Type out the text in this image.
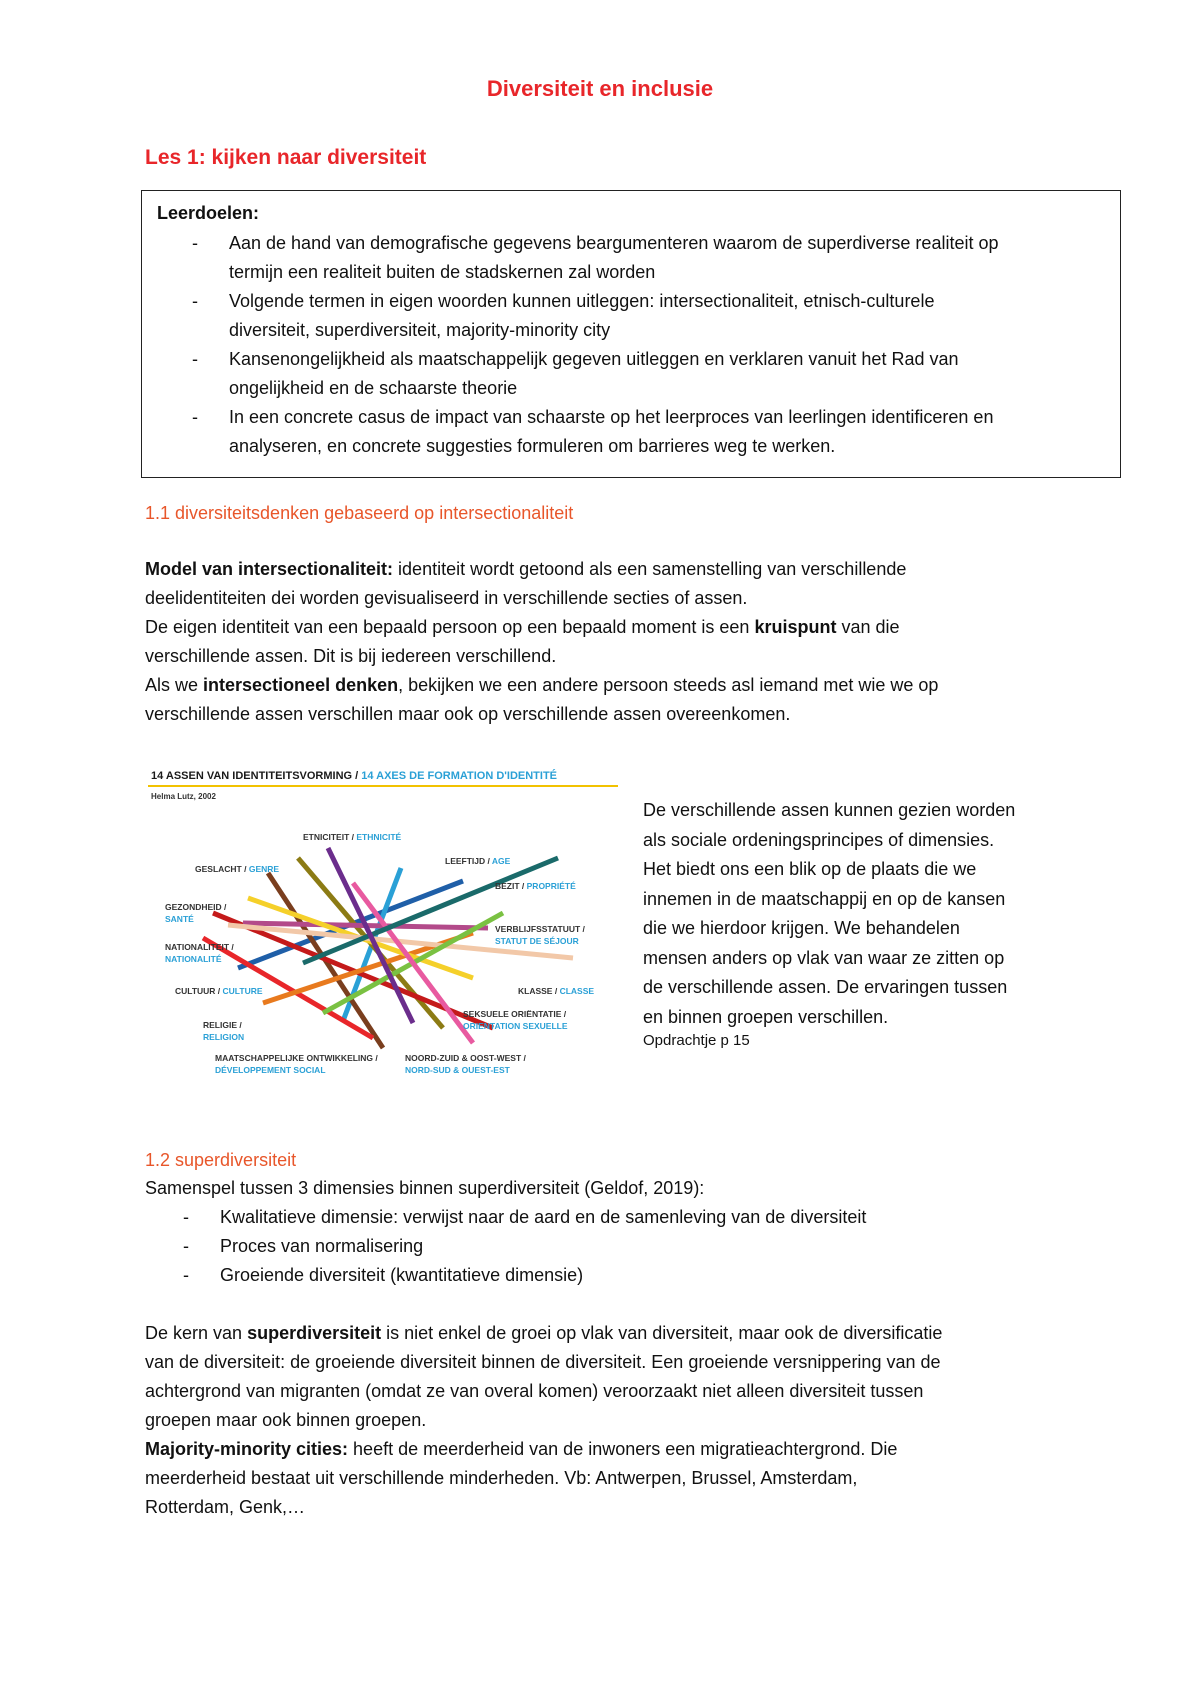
Diversiteit en inclusie
Les 1: kijken naar diversiteit
Leerdoelen:
- Aan de hand van demografische gegevens beargumenteren waarom de superdiverse realiteit op
termijn een realiteit buiten de stadskernen zal worden
- Volgende termen in eigen woorden kunnen uitleggen: intersectionaliteit, etnisch-culturele
diversiteit, superdiversiteit, majority-minority city
- Kansenongelijkheid als maatschappelijk gegeven uitleggen en verklaren vanuit het Rad van
ongelijkheid en de schaarste theorie
- In een concrete casus de impact van schaarste op het leerproces van leerlingen identificeren en
analyseren, en concrete suggesties formuleren om barrieres weg te werken.
1.1 diversiteitsdenken gebaseerd op intersectionaliteit
Model van intersectionaliteit: identiteit wordt getoond als een samenstelling van verschillende
deelidentiteiten dei worden gevisualiseerd in verschillende secties of assen.
De eigen identiteit van een bepaald persoon op een bepaald moment is een kruispunt van die
verschillende assen. Dit is bij iedereen verschillend.
Als we intersectioneel denken, bekijken we een andere persoon steeds asl iemand met wie we op
verschillende assen verschillen maar ook op verschillende assen overeenkomen.
14 ASSEN VAN IDENTITEITSVORMING / 14 AXES DE FORMATION D'IDENTITÉ
Helma Lutz, 2002
ETNICITEIT / ETHNICITÉ
LEEFTIJD / AGE
GESLACHT / GENRE
BEZIT / PROPRIÉTÉ
GEZONDHEID /
SANTÉ
VERBLIJFSSTATUUT /
STATUT DE SÉJOUR
NATIONALITEIT /
NATIONALITÉ
CULTUUR / CULTURE	KLASSE / CLASSE
SEKSUELE ORIËNTATIE /
ORIENTATION SEXUELLE
RELIGIE /
RELIGION
MAATSCHAPPELIJKE ONTWIKKELING /
DÉVELOPPEMENT SOCIAL
NOORD-ZUID & OOST-WEST /
NORD-SUD & OUEST-EST
De verschillende assen kunnen gezien worden
als sociale ordeningsprincipes of dimensies.
Het biedt ons een blik op de plaats die we
innemen in de maatschappij en op de kansen
die we hierdoor krijgen. We behandelen
mensen anders op vlak van waar ze zitten op
de verschillende assen. De ervaringen tussen
en binnen groepen verschillen.
Opdrachtje p 15
1.2 superdiversiteit
Samenspel tussen 3 dimensies binnen superdiversiteit (Geldof, 2019):
- Kwalitatieve dimensie: verwijst naar de aard en de samenleving van de diversiteit
- Proces van normalisering
- Groeiende diversiteit (kwantitatieve dimensie)
De kern van superdiversiteit is niet enkel de groei op vlak van diversiteit, maar ook de diversificatie
van de diversiteit: de groeiende diversiteit binnen de diversiteit. Een groeiende versnippering van de
achtergrond van migranten (omdat ze van overal komen) veroorzaakt niet alleen diversiteit tussen
groepen maar ook binnen groepen.
Majority-minority cities: heeft de meerderheid van de inwoners een migratieachtergrond. Die
meerderheid bestaat uit verschillende minderheden. Vb: Antwerpen, Brussel, Amsterdam,
Rotterdam, Genk,…
